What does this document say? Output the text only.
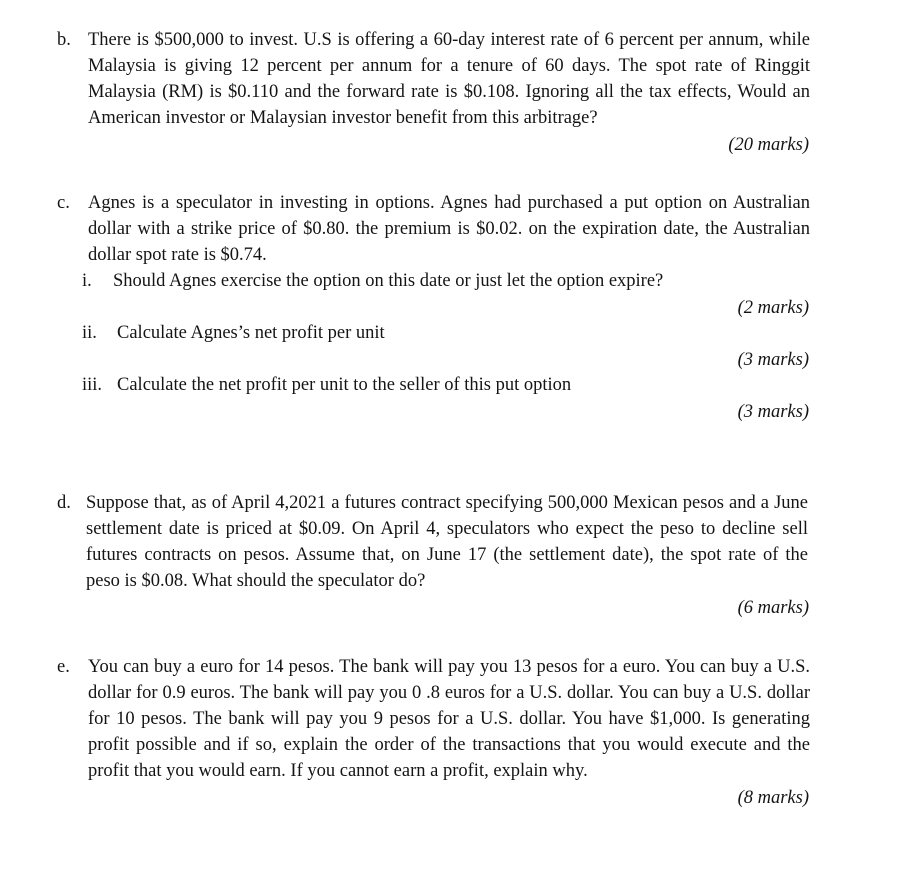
b. There is $500,000 to invest. U.S is offering a 60-day interest rate of 6 percent per annum, while Malaysia is giving 12 percent per annum for a tenure of 60 days. The spot rate of Ringgit Malaysia (RM) is $0.110 and the forward rate is $0.108. Ignoring all the tax effects, Would an American investor or Malaysian investor benefit from this arbitrage?
(20 marks)
c. Agnes is a speculator in investing in options. Agnes had purchased a put option on Australian dollar with a strike price of $0.80. the premium is $0.02. on the expiration date, the Australian dollar spot rate is $0.74.
i. Should Agnes exercise the option on this date or just let the option expire?
(2 marks)
ii. Calculate Agnes’s net profit per unit
(3 marks)
iii. Calculate the net profit per unit to the seller of this put option
(3 marks)
d. Suppose that, as of April 4,2021 a futures contract specifying 500,000 Mexican pesos and a June settlement date is priced at $0.09. On April 4, speculators who expect the peso to decline sell futures contracts on pesos. Assume that, on June 17 (the settlement date), the spot rate of the peso is $0.08. What should the speculator do?
(6 marks)
e. You can buy a euro for 14 pesos. The bank will pay you 13 pesos for a euro. You can buy a U.S. dollar for 0.9 euros. The bank will pay you 0 .8 euros for a U.S. dollar. You can buy a U.S. dollar for 10 pesos. The bank will pay you 9 pesos for a U.S. dollar. You have $1,000. Is generating profit possible and if so, explain the order of the transactions that you would execute and the profit that you would earn. If you cannot earn a profit, explain why.
(8 marks)
